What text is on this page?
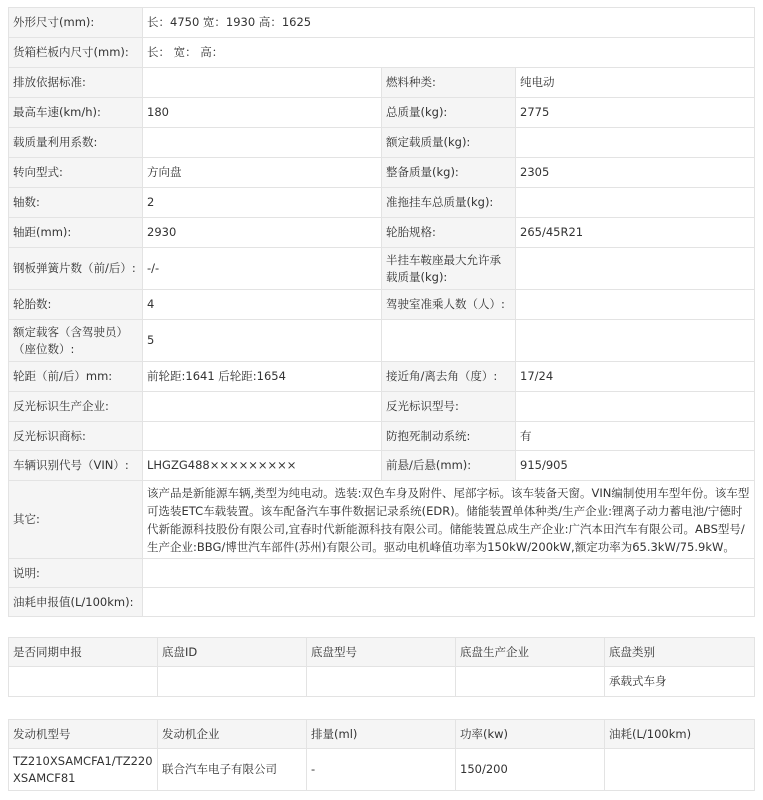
外形尺寸(mm):	长：4750 宽：1930 高：1625		
货箱栏板内尺寸(mm):	长： 宽： 高：		
排放依据标准:		燃料种类:	纯电动
最高车速(km/h):	180	总质量(kg):	2775
载质量利用系数:		额定载质量(kg):	
转向型式:	方向盘	整备质量(kg):	2305
轴数:	2	准拖挂车总质量(kg):	
轴距(mm):	2930	轮胎规格:	265/45R21
钢板弹簧片数（前/后）:	-/-	半挂车鞍座最大允许承载质量(kg):	
轮胎数:	4	驾驶室准乘人数（人）:	
额定载客（含驾驶员）（座位数）:	5		
轮距（前/后）mm:	前轮距:1641 后轮距:1654	接近角/离去角（度）:	17/24
反光标识生产企业:		反光标识型号:	
反光标识商标:		防抱死制动系统:	有
车辆识别代号（VIN）:	LHGZG488×××××××××	前悬/后悬(mm):	915/905
其它:	该产品是新能源车辆,类型为纯电动。选装:双色车身及附件、尾部字标。该车装备天窗。VIN编制使用车型年份。该车型可选装ETC车载装置。该车配备汽车事件数据记录系统(EDR)。储能装置单体种类/生产企业:锂离子动力蓄电池/宁德时代新能源科技股份有限公司,宜春时代新能源科技有限公司。储能装置总成生产企业:广汽本田汽车有限公司。ABS型号/生产企业:BBG/博世汽车部件(苏州)有限公司。驱动电机峰值功率为150kW/200kW,额定功率为65.3kW/75.9kW。		
说明:			
油耗申报值(L/100km):			
是否同期申报	底盘ID	底盘型号	底盘生产企业	底盘类别
				承载式车身
发动机型号	发动机企业	排量(ml)	功率(kw)	油耗(L/100km)
TZ210XSAMCFA1/TZ220XSAMCF81	联合汽车电子有限公司	-	150/200	
